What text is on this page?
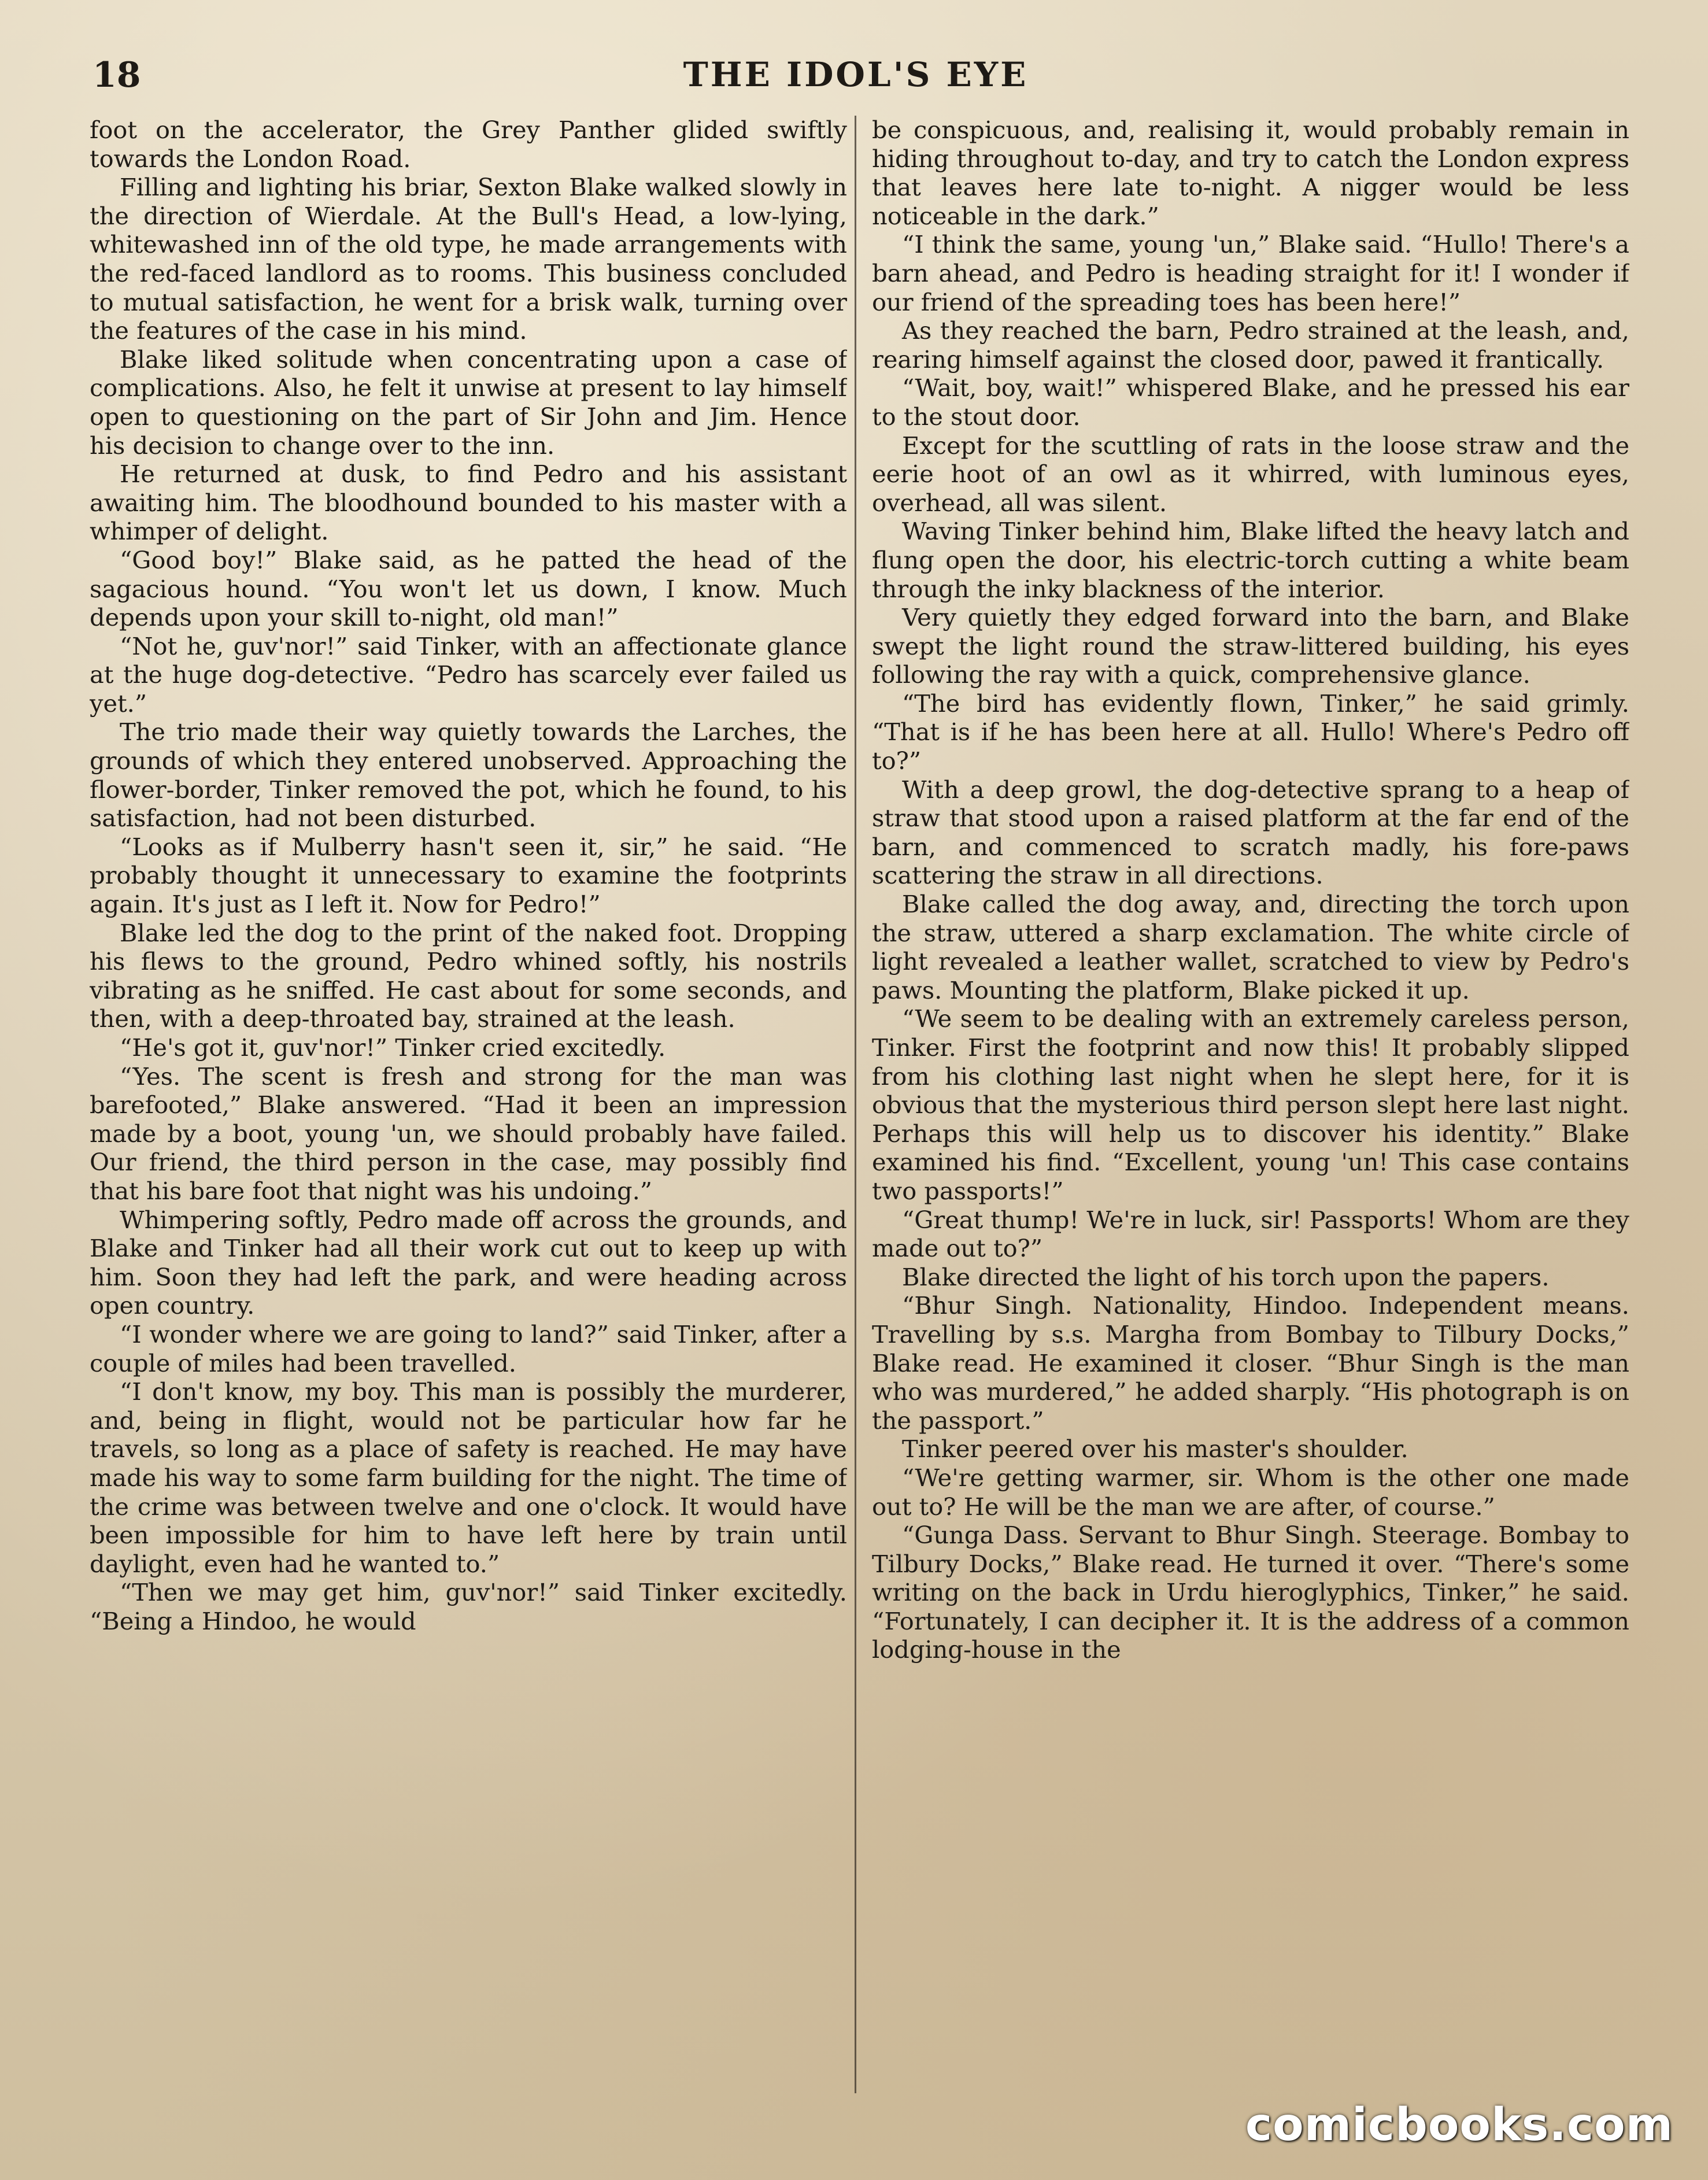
18	THE IDOL'S EYE

foot on the accelerator, the Grey Panther glided swiftly towards the London Road.

Filling and lighting his briar, Sexton Blake walked slowly in the direction of Wierdale. At the Bull's Head, a low-lying, whitewashed inn of the old type, he made arrangements with the red-faced landlord as to rooms. This business concluded to mutual satisfaction, he went for a brisk walk, turning over the features of the case in his mind.

Blake liked solitude when concentrating upon a case of complications. Also, he felt it unwise at present to lay himself open to questioning on the part of Sir John and Jim. Hence his decision to change over to the inn.

He returned at dusk, to find Pedro and his assistant awaiting him. The bloodhound bounded to his master with a whimper of delight.

“Good boy!” Blake said, as he patted the head of the sagacious hound. “You won't let us down, I know. Much depends upon your skill to-night, old man!”

“Not he, guv'nor!” said Tinker, with an affectionate glance at the huge dog-detective. “Pedro has scarcely ever failed us yet.”

The trio made their way quietly towards the Larches, the grounds of which they entered unobserved. Approaching the flower-border, Tinker removed the pot, which he found, to his satisfaction, had not been disturbed.

“Looks as if Mulberry hasn't seen it, sir,” he said. “He probably thought it unnecessary to examine the footprints again. It's just as I left it. Now for Pedro!”

Blake led the dog to the print of the naked foot. Dropping his flews to the ground, Pedro whined softly, his nostrils vibrating as he sniffed. He cast about for some seconds, and then, with a deep-throated bay, strained at the leash.

“He's got it, guv'nor!” Tinker cried excitedly.

“Yes. The scent is fresh and strong for the man was barefooted,” Blake answered. “Had it been an impression made by a boot, young 'un, we should probably have failed. Our friend, the third person in the case, may possibly find that his bare foot that night was his undoing.”

Whimpering softly, Pedro made off across the grounds, and Blake and Tinker had all their work cut out to keep up with him. Soon they had left the park, and were heading across open country.

“I wonder where we are going to land?” said Tinker, after a couple of miles had been travelled.

“I don't know, my boy. This man is possibly the murderer, and, being in flight, would not be particular how far he travels, so long as a place of safety is reached. He may have made his way to some farm building for the night. The time of the crime was between twelve and one o'clock. It would have been impossible for him to have left here by train until daylight, even had he wanted to.”

“Then we may get him, guv'nor!” said Tinker excitedly. “Being a Hindoo, he would

be conspicuous, and, realising it, would probably remain in hiding throughout to-day, and try to catch the London express that leaves here late to-night. A nigger would be less noticeable in the dark.”

“I think the same, young 'un,” Blake said. “Hullo! There's a barn ahead, and Pedro is heading straight for it! I wonder if our friend of the spreading toes has been here!”

As they reached the barn, Pedro strained at the leash, and, rearing himself against the closed door, pawed it frantically.

“Wait, boy, wait!” whispered Blake, and he pressed his ear to the stout door.

Except for the scuttling of rats in the loose straw and the eerie hoot of an owl as it whirred, with luminous eyes, overhead, all was silent.

Waving Tinker behind him, Blake lifted the heavy latch and flung open the door, his electric-torch cutting a white beam through the inky blackness of the interior.

Very quietly they edged forward into the barn, and Blake swept the light round the straw-littered building, his eyes following the ray with a quick, comprehensive glance.

“The bird has evidently flown, Tinker,” he said grimly. “That is if he has been here at all. Hullo! Where's Pedro off to?”

With a deep growl, the dog-detective sprang to a heap of straw that stood upon a raised platform at the far end of the barn, and commenced to scratch madly, his fore-paws scattering the straw in all directions.

Blake called the dog away, and, directing the torch upon the straw, uttered a sharp exclamation. The white circle of light revealed a leather wallet, scratched to view by Pedro's paws. Mounting the platform, Blake picked it up.

“We seem to be dealing with an extremely careless person, Tinker. First the footprint and now this! It probably slipped from his clothing last night when he slept here, for it is obvious that the mysterious third person slept here last night. Perhaps this will help us to discover his identity.” Blake examined his find. “Excellent, young 'un! This case contains two passports!”

“Great thump! We're in luck, sir! Passports! Whom are they made out to?”

Blake directed the light of his torch upon the papers.

“Bhur Singh. Nationality, Hindoo. Independent means. Travelling by s.s. Margha from Bombay to Tilbury Docks,” Blake read. He examined it closer. “Bhur Singh is the man who was murdered,” he added sharply. “His photograph is on the passport.”

Tinker peered over his master's shoulder.

“We're getting warmer, sir. Whom is the other one made out to? He will be the man we are after, of course.”

“Gunga Dass. Servant to Bhur Singh. Steerage. Bombay to Tilbury Docks,” Blake read. He turned it over. “There's some writing on the back in Urdu hieroglyphics, Tinker,” he said. “Fortunately, I can decipher it. It is the address of a common lodging-house in the

comicbooks.com
